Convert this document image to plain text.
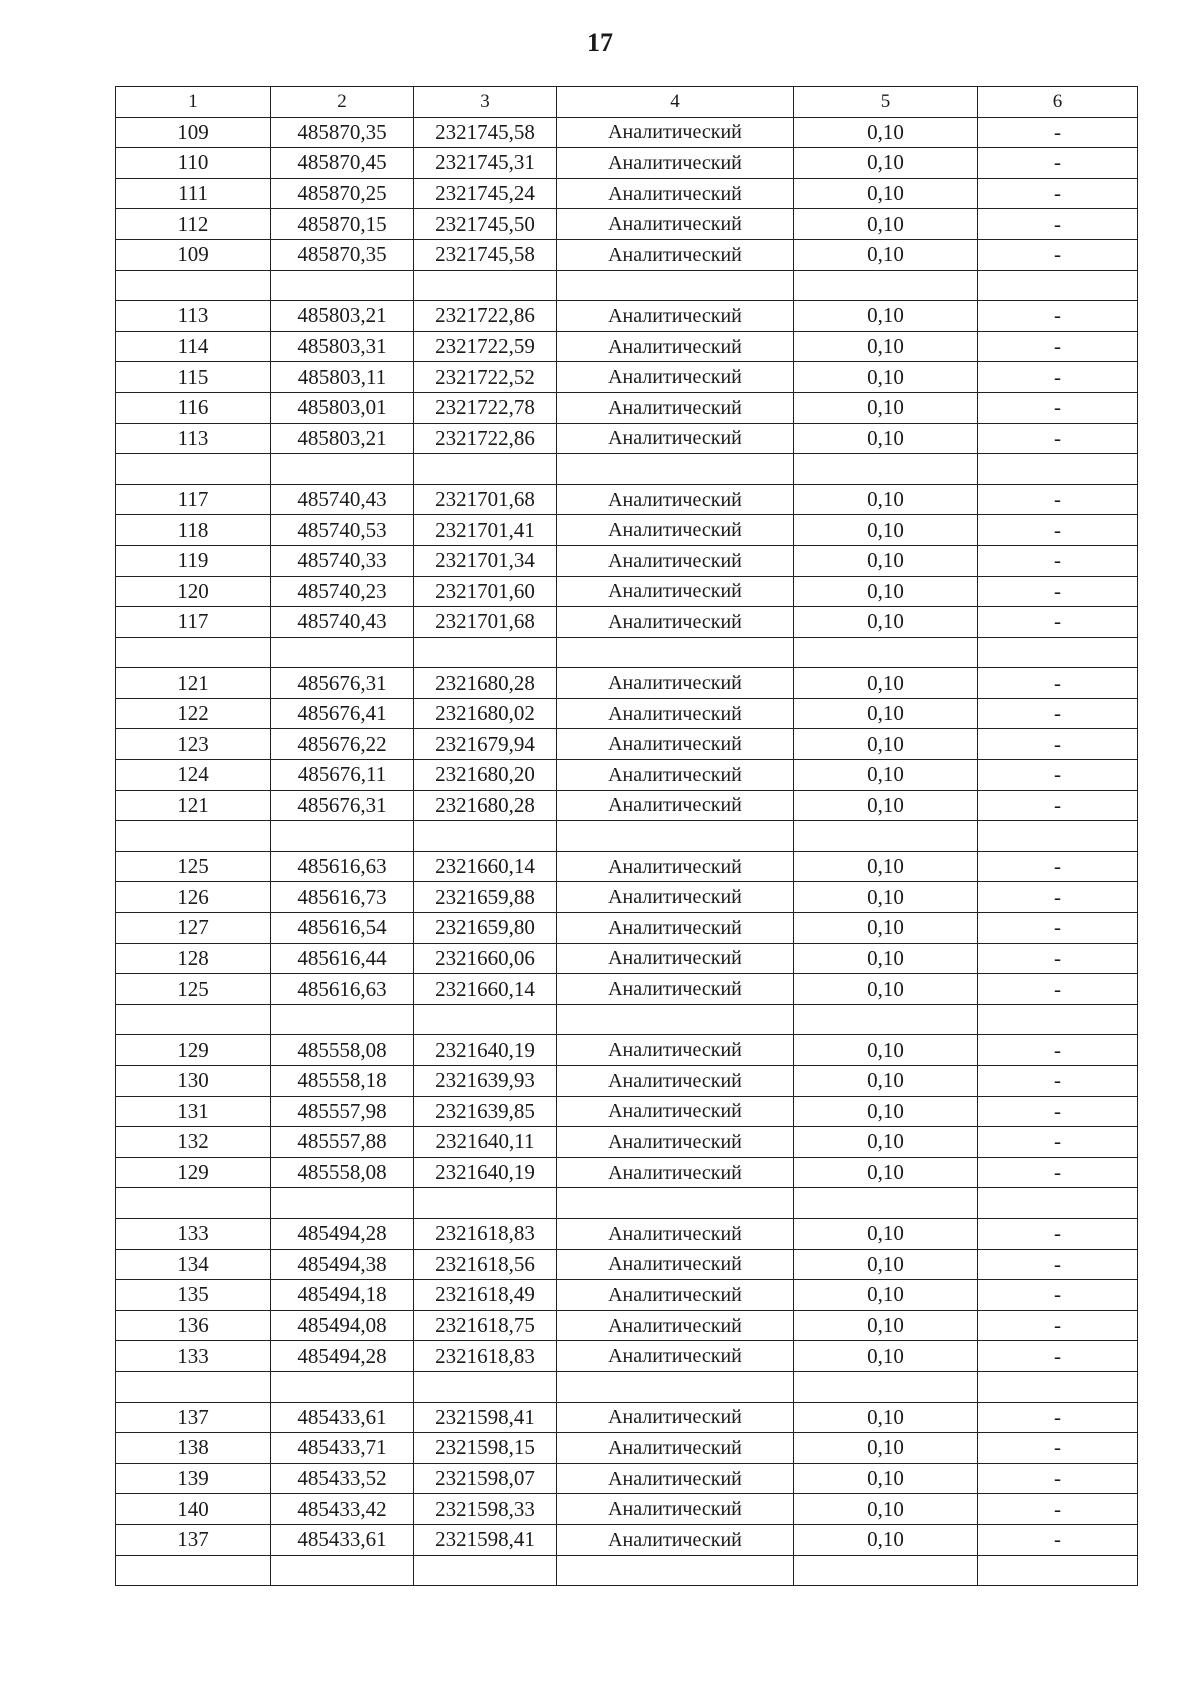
17
1	2	3	4	5	6
109	485870,35	2321745,58	Аналитический	0,10	-
110	485870,45	2321745,31	Аналитический	0,10	-
111	485870,25	2321745,24	Аналитический	0,10	-
112	485870,15	2321745,50	Аналитический	0,10	-
109	485870,35	2321745,58	Аналитический	0,10	-

113	485803,21	2321722,86	Аналитический	0,10	-
114	485803,31	2321722,59	Аналитический	0,10	-
115	485803,11	2321722,52	Аналитический	0,10	-
116	485803,01	2321722,78	Аналитический	0,10	-
113	485803,21	2321722,86	Аналитический	0,10	-

117	485740,43	2321701,68	Аналитический	0,10	-
118	485740,53	2321701,41	Аналитический	0,10	-
119	485740,33	2321701,34	Аналитический	0,10	-
120	485740,23	2321701,60	Аналитический	0,10	-
117	485740,43	2321701,68	Аналитический	0,10	-

121	485676,31	2321680,28	Аналитический	0,10	-
122	485676,41	2321680,02	Аналитический	0,10	-
123	485676,22	2321679,94	Аналитический	0,10	-
124	485676,11	2321680,20	Аналитический	0,10	-
121	485676,31	2321680,28	Аналитический	0,10	-

125	485616,63	2321660,14	Аналитический	0,10	-
126	485616,73	2321659,88	Аналитический	0,10	-
127	485616,54	2321659,80	Аналитический	0,10	-
128	485616,44	2321660,06	Аналитический	0,10	-
125	485616,63	2321660,14	Аналитический	0,10	-

129	485558,08	2321640,19	Аналитический	0,10	-
130	485558,18	2321639,93	Аналитический	0,10	-
131	485557,98	2321639,85	Аналитический	0,10	-
132	485557,88	2321640,11	Аналитический	0,10	-
129	485558,08	2321640,19	Аналитический	0,10	-

133	485494,28	2321618,83	Аналитический	0,10	-
134	485494,38	2321618,56	Аналитический	0,10	-
135	485494,18	2321618,49	Аналитический	0,10	-
136	485494,08	2321618,75	Аналитический	0,10	-
133	485494,28	2321618,83	Аналитический	0,10	-

137	485433,61	2321598,41	Аналитический	0,10	-
138	485433,71	2321598,15	Аналитический	0,10	-
139	485433,52	2321598,07	Аналитический	0,10	-
140	485433,42	2321598,33	Аналитический	0,10	-
137	485433,61	2321598,41	Аналитический	0,10	-
